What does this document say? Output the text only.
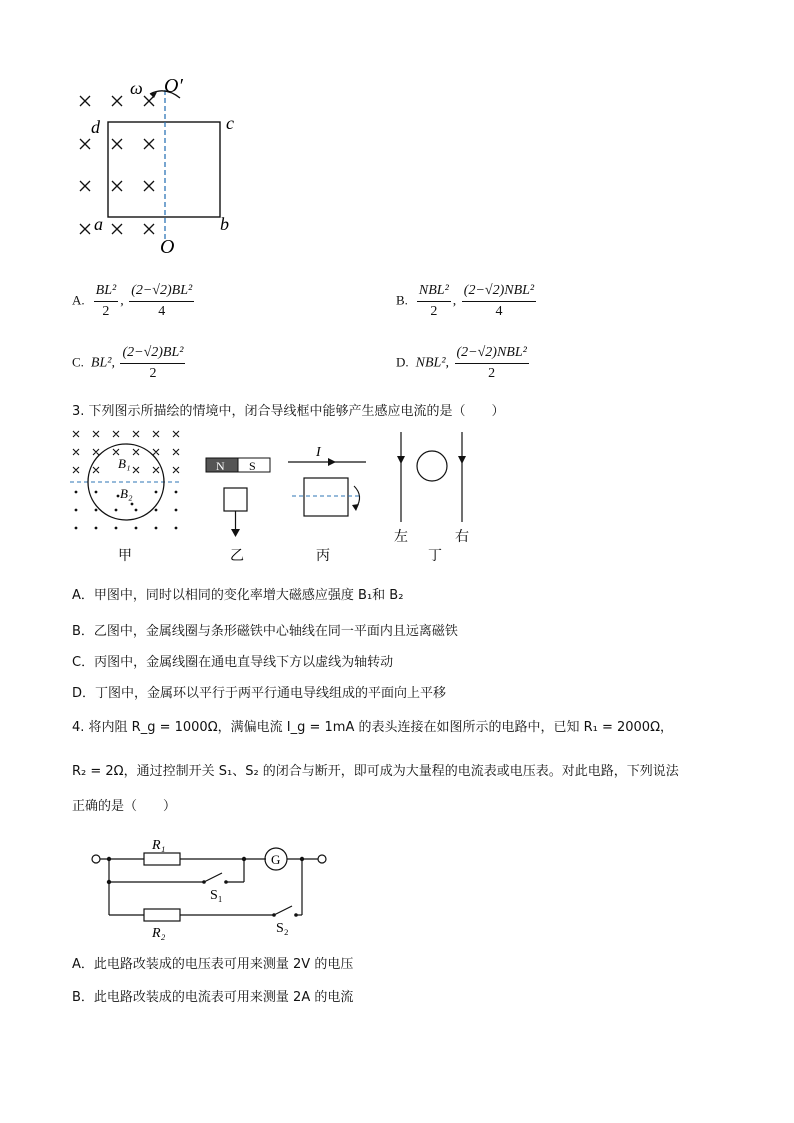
ω O′
O
d	c
a	b
A. $\frac{\text{BL²}}{2}$ , $\frac{\text{(2−√2)BL²}}{4}$	B. $\frac{\text{NBL²}}{2}$ , $\frac{\text{(2−√2)NBL²}}{4}$
C. BL², $\frac{\text{(2−√2)BL²}}{2}$	D. NBL², $\frac{\text{(2−√2)NBL²}}{2}$
3. 下列图示所描绘的情境中，闭合导线框中能够产生感应电流的是（　　）
B₁
B₂
甲
N S
乙
I
丙
左	右
丁
A．甲图中，同时以相同的变化率增大磁感应强度 B₁和 B₂
B．乙图中，金属线圈与条形磁铁中心轴线在同一平面内且远离磁铁
C．丙图中，金属线圈在通电直导线下方以虚线为轴转动
D．丁图中，金属环以平行于两平行通电导线组成的平面向上平移
4. 将内阻 R_g = 1000Ω，满偏电流 I_g = 1mA 的表头连接在如图所示的电路中，已知 R₁ = 2000Ω，
R₂ = 2Ω，通过控制开关 S₁、S₂ 的闭合与断开，即可成为大量程的电流表或电压表。对此电路，下列说法
正确的是（　　）
R₁
G
S₁
R₂	S₂
A．此电路改装成的电压表可用来测量 2V 的电压
B．此电路改装成的电流表可用来测量 2A 的电流
